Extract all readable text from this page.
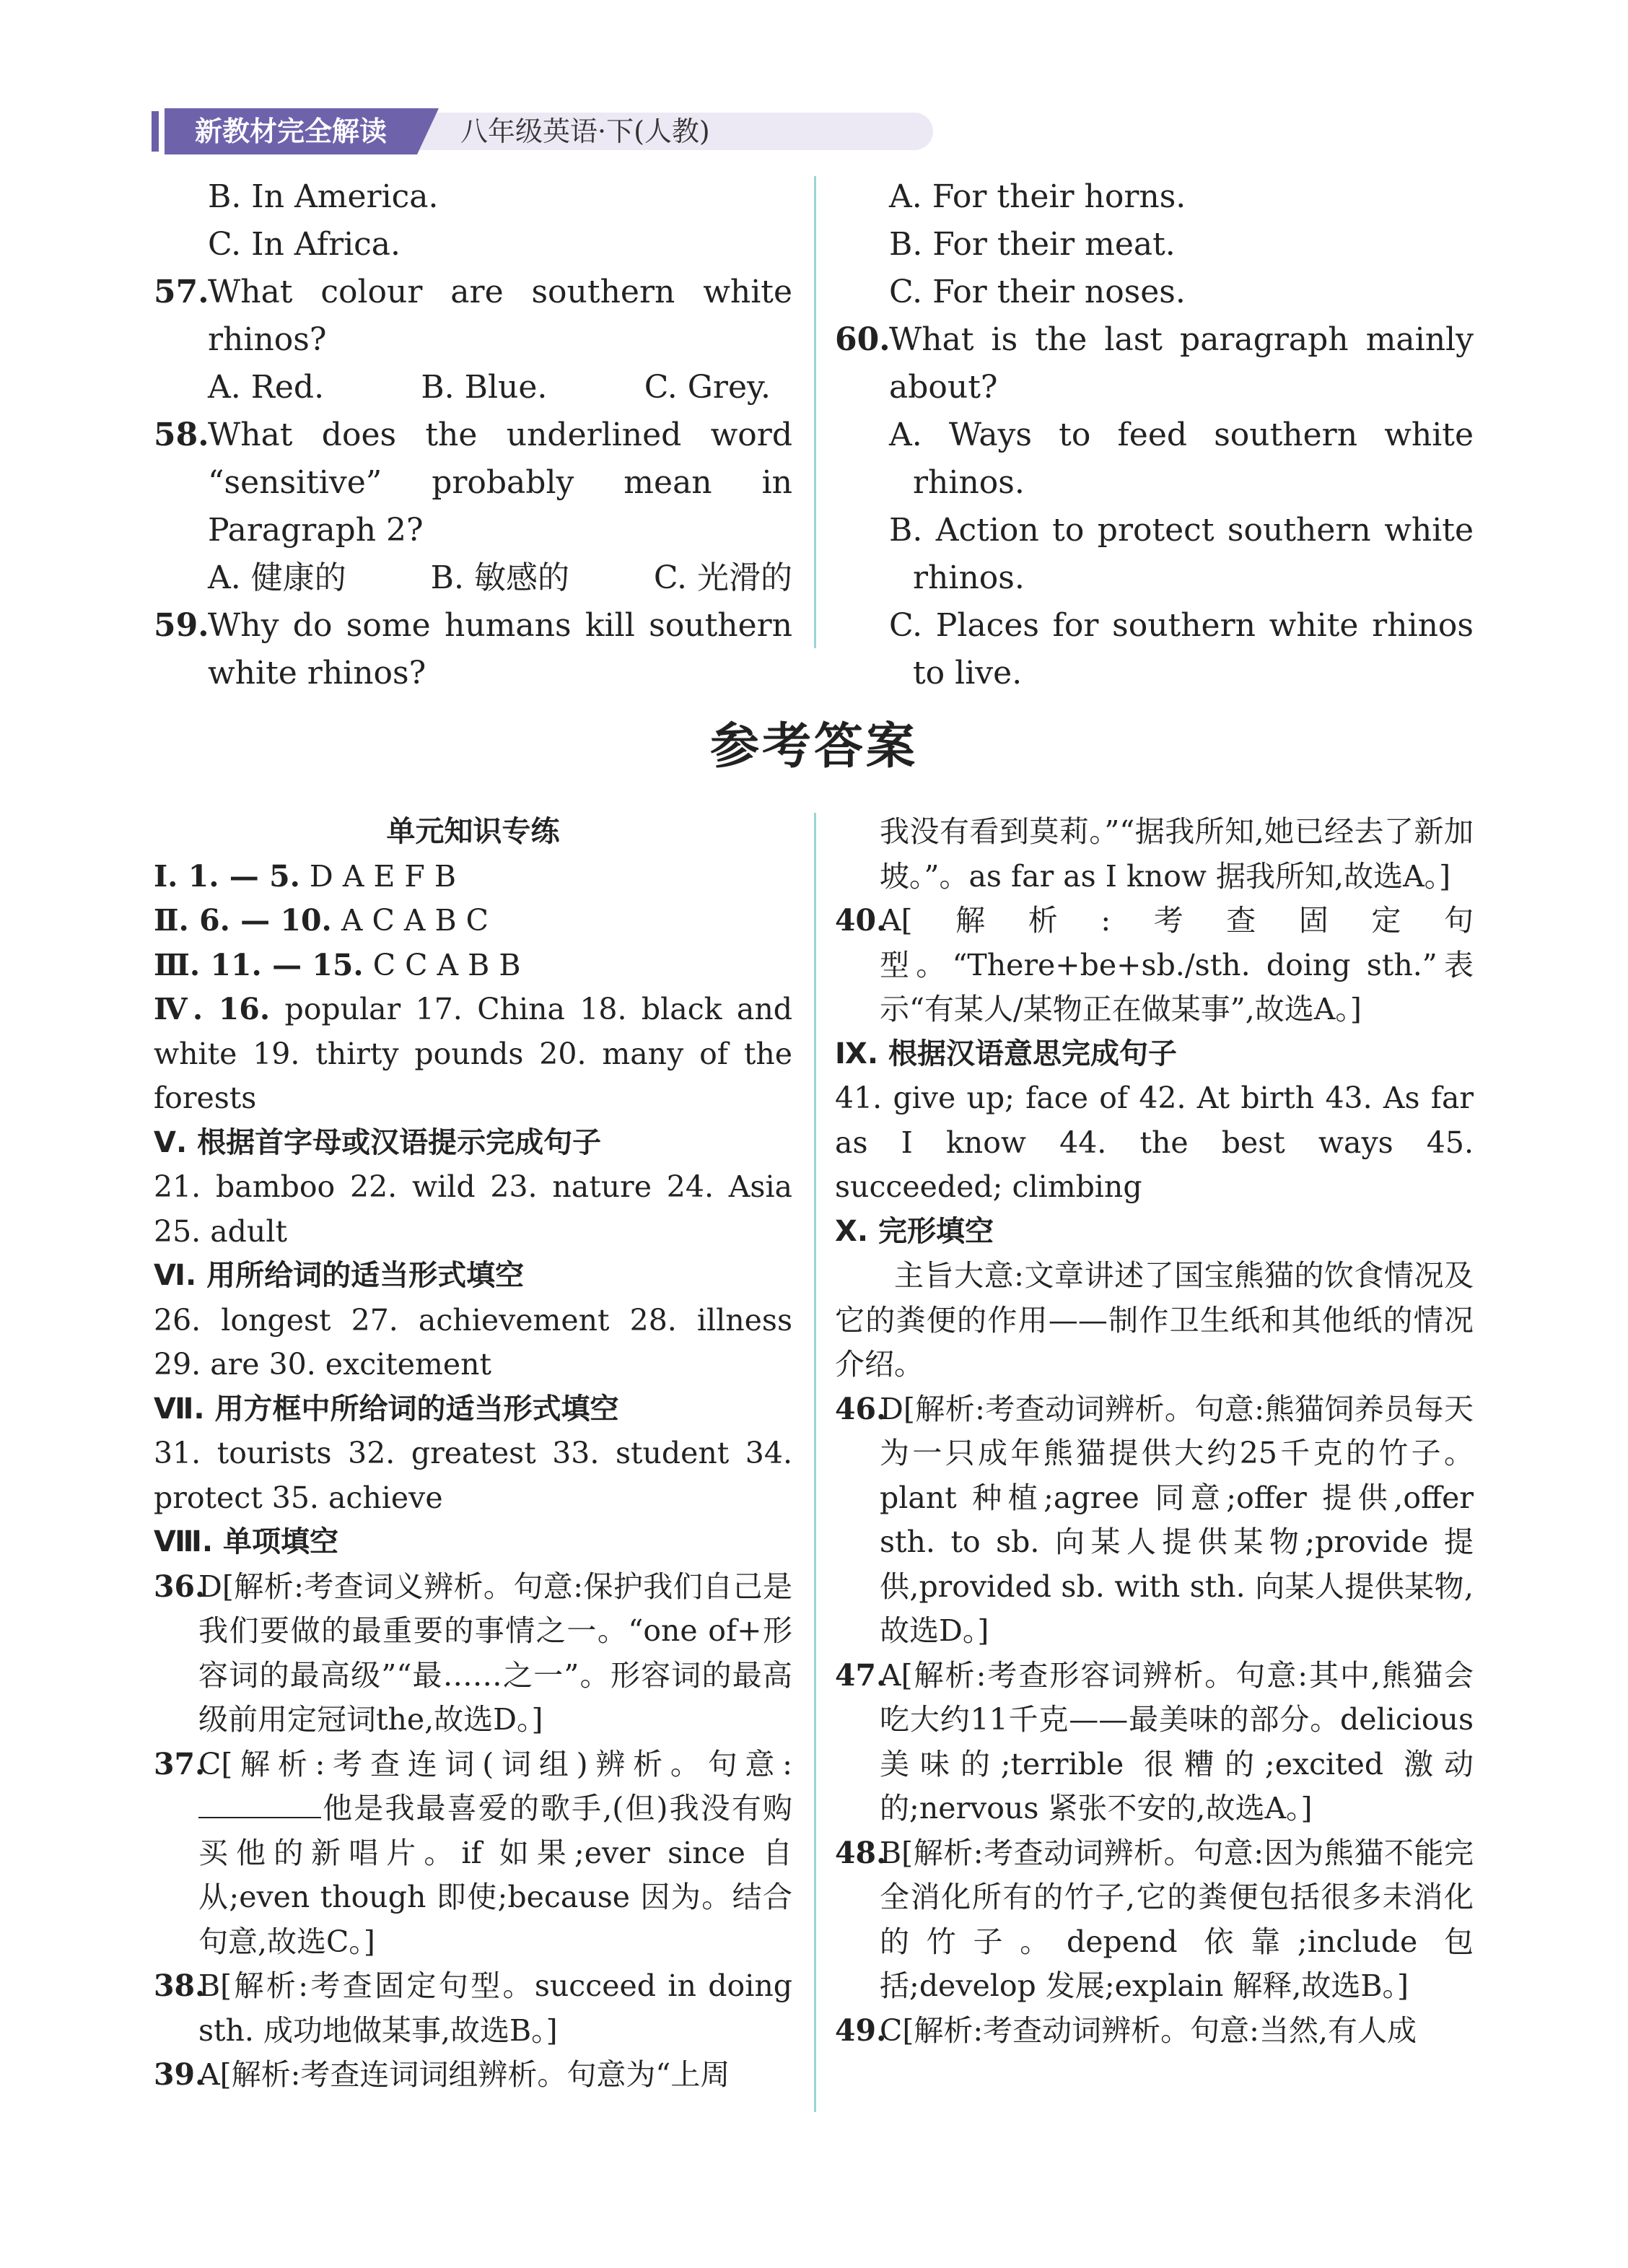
新教材完全解读	八年级英语·下(人教)
B. In America.
C. In Africa.
57.
What colour are southern white rhinos?
A. Red.	B. Blue.	C. Grey.
58.
What does the underlined word “sensitive” probably mean in Paragraph 2?
A. 健康的	B. 敏感的	C. 光滑的
59.
Why do some humans kill southern white rhinos?
A. For their horns.
B. For their meat.
C. For their noses.
60.
What is the last paragraph mainly about?
A. Ways to feed southern white rhinos.
B. Action to protect southern white rhinos.
C. Places for southern white rhinos to live.
参考答案
单元知识专练
Ⅰ. 1. — 5. D A E F B
Ⅱ. 6. — 10. A C A B C
Ⅲ. 11. — 15. C C A B B
Ⅳ. 16. popular 17. China 18. black and white 19. thirty pounds 20. many of the forests
Ⅴ. 根据首字母或汉语提示完成句子
21. bamboo 22. wild 23. nature 24. Asia 25. adult
Ⅵ. 用所给词的适当形式填空
26. longest 27. achievement 28. illness 29. are 30. excitement
Ⅶ. 用方框中所给词的适当形式填空
31. tourists 32. greatest 33. student 34. protect 35. achieve
Ⅷ. 单项填空
36.
D[解析:考查词义辨析。句意:保护我们自己是我们要做的最重要的事情之一。“one of+形容词的最高级”“最……之一”。形容词的最高级前用定冠词the,故选D。]
37.
C[解析:考查连词(词组)辨析。句意: 他是我最喜爱的歌手,(但)我没有购买他的新唱片。if 如果;ever since 自从;even though 即使;because 因为。结合句意,故选C。]
38.
B[解析:考查固定句型。succeed in doing sth. 成功地做某事,故选B。]
39.
A[解析:考查连词词组辨析。句意为“上周
我没有看到莫莉。”“据我所知,她已经去了新加坡。”。as far as I know 据我所知,故选A。]
40.
A[解析:考查固定句型。“There+be+sb./sth. doing sth.”表示“有某人/某物正在做某事”,故选A。]
Ⅸ. 根据汉语意思完成句子
41. give up; face of 42. At birth 43. As far as I know 44. the best ways 45. succeeded; climbing
Ⅹ. 完形填空
主旨大意:文章讲述了国宝熊猫的饮食情况及它的粪便的作用——制作卫生纸和其他纸的情况介绍。
46.
D[解析:考查动词辨析。句意:熊猫饲养员每天为一只成年熊猫提供大约25千克的竹子。plant 种植;agree 同意;offer 提供,offer sth. to sb. 向某人提供某物;provide 提供,provided sb. with sth. 向某人提供某物,故选D。]
47.
A[解析:考查形容词辨析。句意:其中,熊猫会吃大约11千克——最美味的部分。delicious 美味的;terrible 很糟的;excited 激动的;nervous 紧张不安的,故选A。]
48.
B[解析:考查动词辨析。句意:因为熊猫不能完全消化所有的竹子,它的粪便包括很多未消化的竹子。depend 依靠;include 包括;develop 发展;explain 解释,故选B。]
49.
C[解析:考查动词辨析。句意:当然,有人成
